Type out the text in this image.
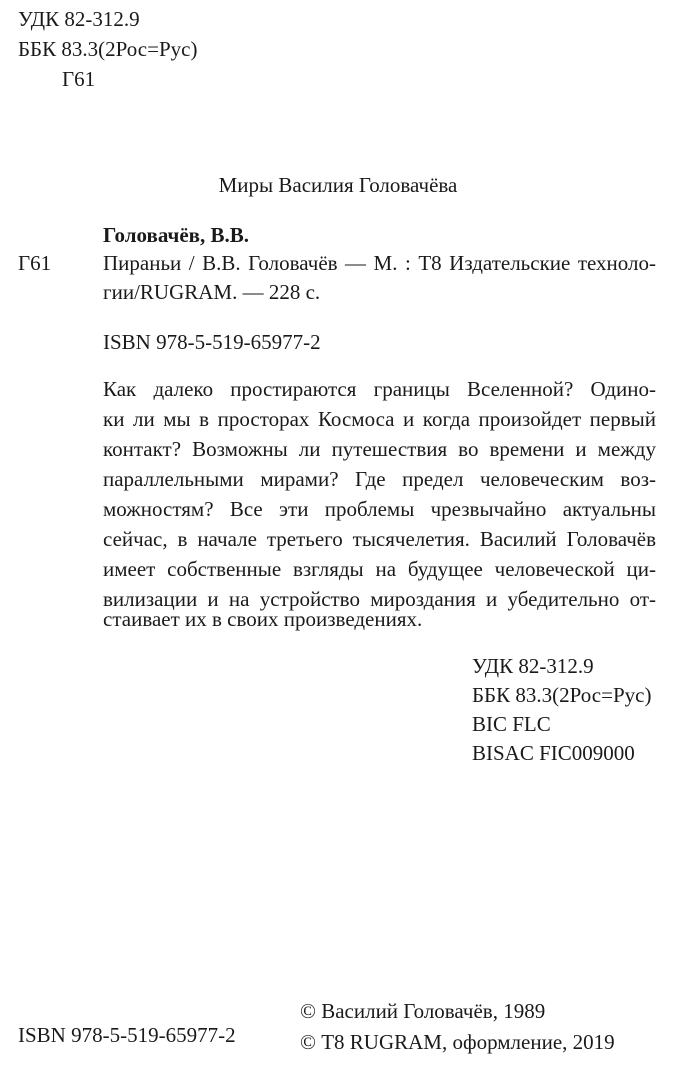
УДК 82-312.9
ББК 83.3(2Рос=Рус)
Г61
Миры Василия Головачёва
Головачёв, В.В.
Г61 Пираньи / В.В. Головачёв — М. : Т8 Издательские техноло-
гии/RUGRAM. — 228 с.
ISBN 978-5-519-65977-2
Как далеко простираются границы Вселенной? Одино-
ки ли мы в просторах Космоса и когда произойдет первый
контакт? Возможны ли путешествия во времени и между
параллельными мирами? Где предел человеческим воз-
можностям? Все эти проблемы чрезвычайно актуальны
сейчас, в начале третьего тысячелетия. Василий Головачёв
имеет собственные взгляды на будущее человеческой ци-
вилизации и на устройство мироздания и убедительно от-
стаивает их в своих произведениях.
УДК 82-312.9
ББК 83.3(2Рос=Рус)
BIC FLC
BISAC FIC009000
ISBN 978-5-519-65977-2
© Василий Головачёв, 1989
© Т8 RUGRAM, оформление, 2019
